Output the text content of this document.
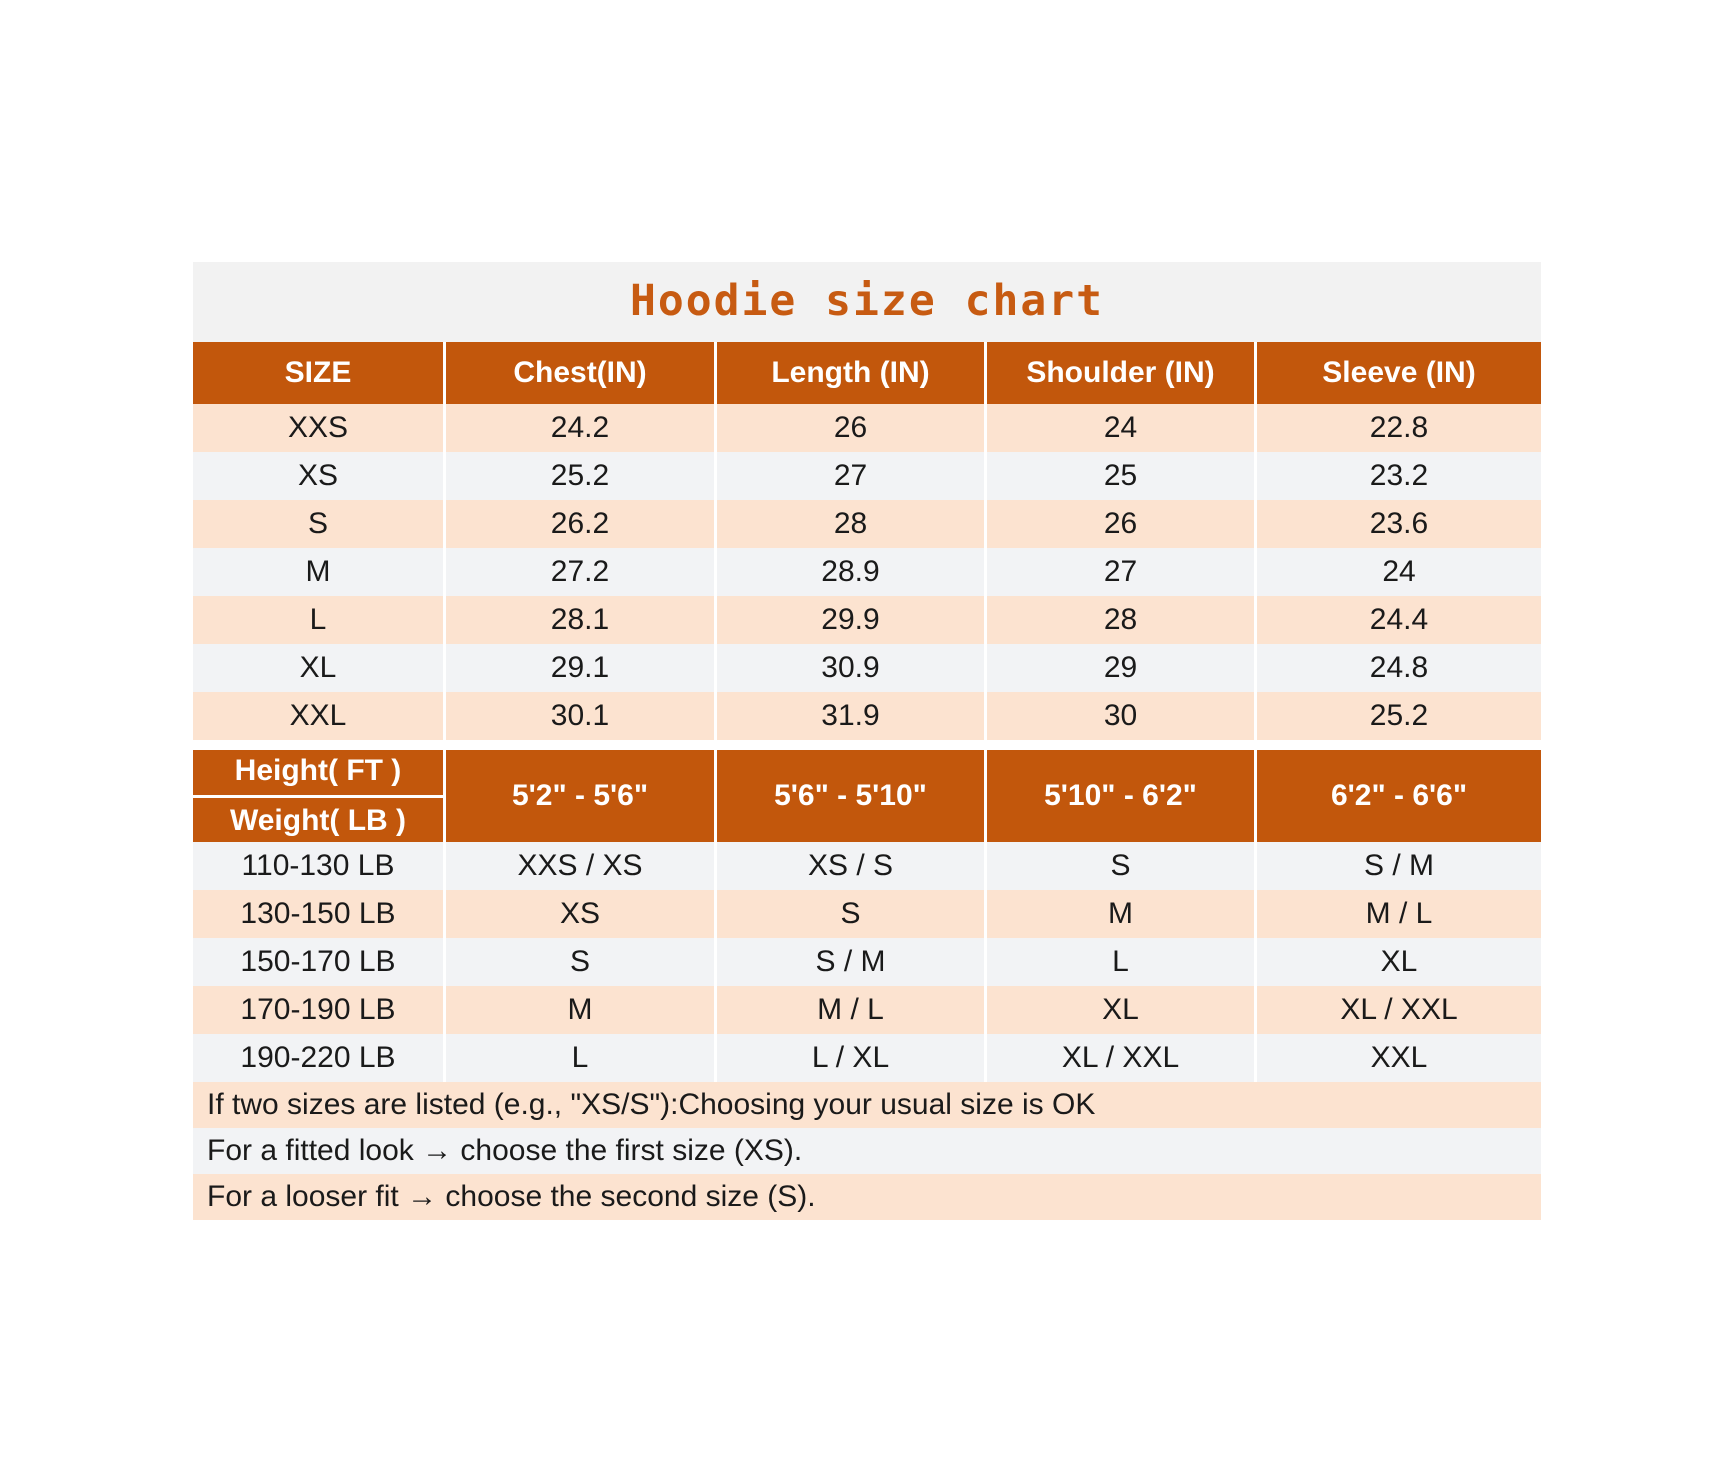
Hoodie size chart
SIZE	Chest(IN)	Length (IN)	Shoulder (IN)	Sleeve (IN)
XXS	24.2	26	24	22.8
XS	25.2	27	25	23.2
S	26.2	28	26	23.6
M	27.2	28.9	27	24
L	28.1	29.9	28	24.4
XL	29.1	30.9	29	24.8
XXL	30.1	31.9	30	25.2

Height( FT )
Weight( LB )	5'2" - 5'6"	5'6" - 5'10"	5'10" - 6'2"	6'2" - 6'6"
110-130 LB	XXS / XS	XS / S	S	S / M
130-150 LB	XS	S	M	M / L
150-170 LB	S	S / M	L	XL
170-190 LB	M	M / L	XL	XL / XXL
190-220 LB	L	L / XL	XL / XXL	XXL
If two sizes are listed (e.g., "XS/S"):Choosing your usual size is OK
For a fitted look → choose the first size (XS).
For a looser fit → choose the second size (S).
